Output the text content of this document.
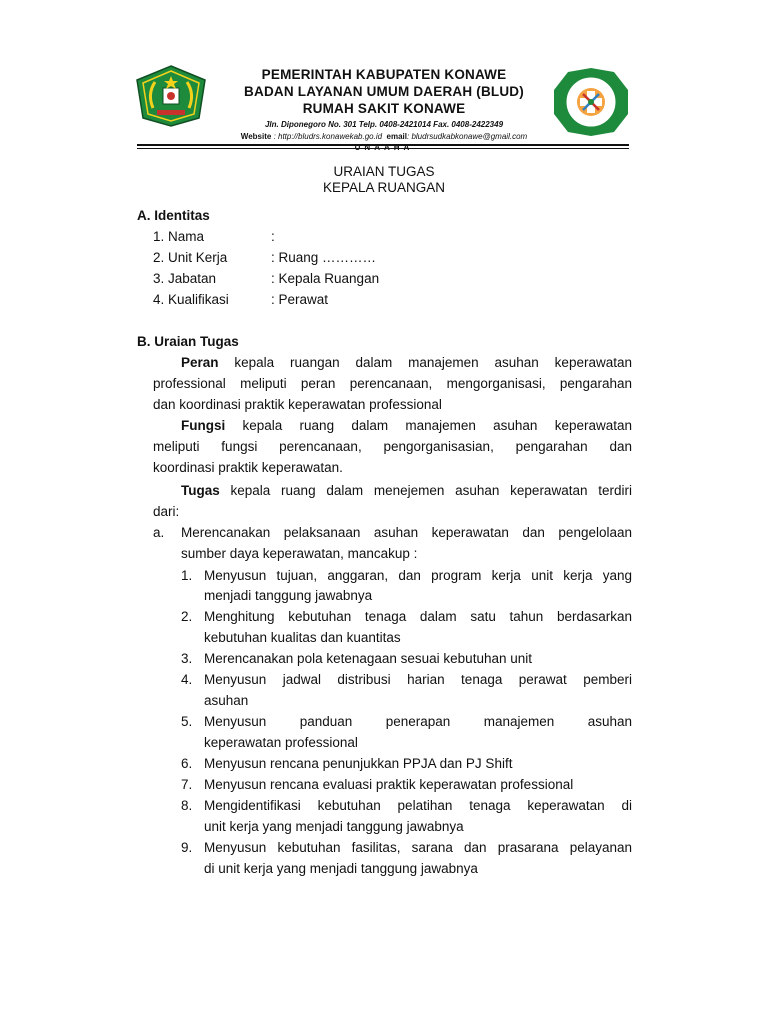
PEMERINTAH KABUPATEN KONAWE
BADAN LAYANAN UMUM DAERAH (BLUD)
RUMAH SAKIT KONAWE
Jln. Diponegoro No. 301 Telp. 0408-2421014 Fax. 0408-2422349
Website : http://bludrs.konawekab.go.id email: bludrsudkabkonawe@gmail.com
URAIAN TUGAS
KEPALA RUANGAN
A. Identitas
1. Nama	:
2. Unit Kerja	: Ruang …………
3. Jabatan	: Kepala Ruangan
4. Kualifikasi	: Perawat
B. Uraian Tugas
Peran kepala ruangan dalam manajemen asuhan keperawatan
professional meliputi peran perencanaan, mengorganisasi, pengarahan
dan koordinasi praktik keperawatan professional
Fungsi kepala ruang dalam manajemen asuhan keperawatan
meliputi fungsi perencanaan, pengorganisasian, pengarahan dan
koordinasi praktik keperawatan.
Tugas kepala ruang dalam menejemen asuhan keperawatan terdiri
dari:
a. Merencanakan pelaksanaan asuhan keperawatan dan pengelolaan
sumber daya keperawatan, mancakup :
1. Menyusun tujuan, anggaran, dan program kerja unit kerja yang
menjadi tanggung jawabnya
2. Menghitung kebutuhan tenaga dalam satu tahun berdasarkan
kebutuhan kualitas dan kuantitas
3. Merencanakan pola ketenagaan sesuai kebutuhan unit
4. Menyusun jadwal distribusi harian tenaga perawat pemberi
asuhan
5. Menyusun panduan penerapan manajemen asuhan
keperawatan professional
6. Menyusun rencana penunjukkan PPJA dan PJ Shift
7. Menyusun rencana evaluasi praktik keperawatan professional
8. Mengidentifikasi kebutuhan pelatihan tenaga keperawatan di
unit kerja yang menjadi tanggung jawabnya
9. Menyusun kebutuhan fasilitas, sarana dan prasarana pelayanan
di unit kerja yang menjadi tanggung jawabnya
